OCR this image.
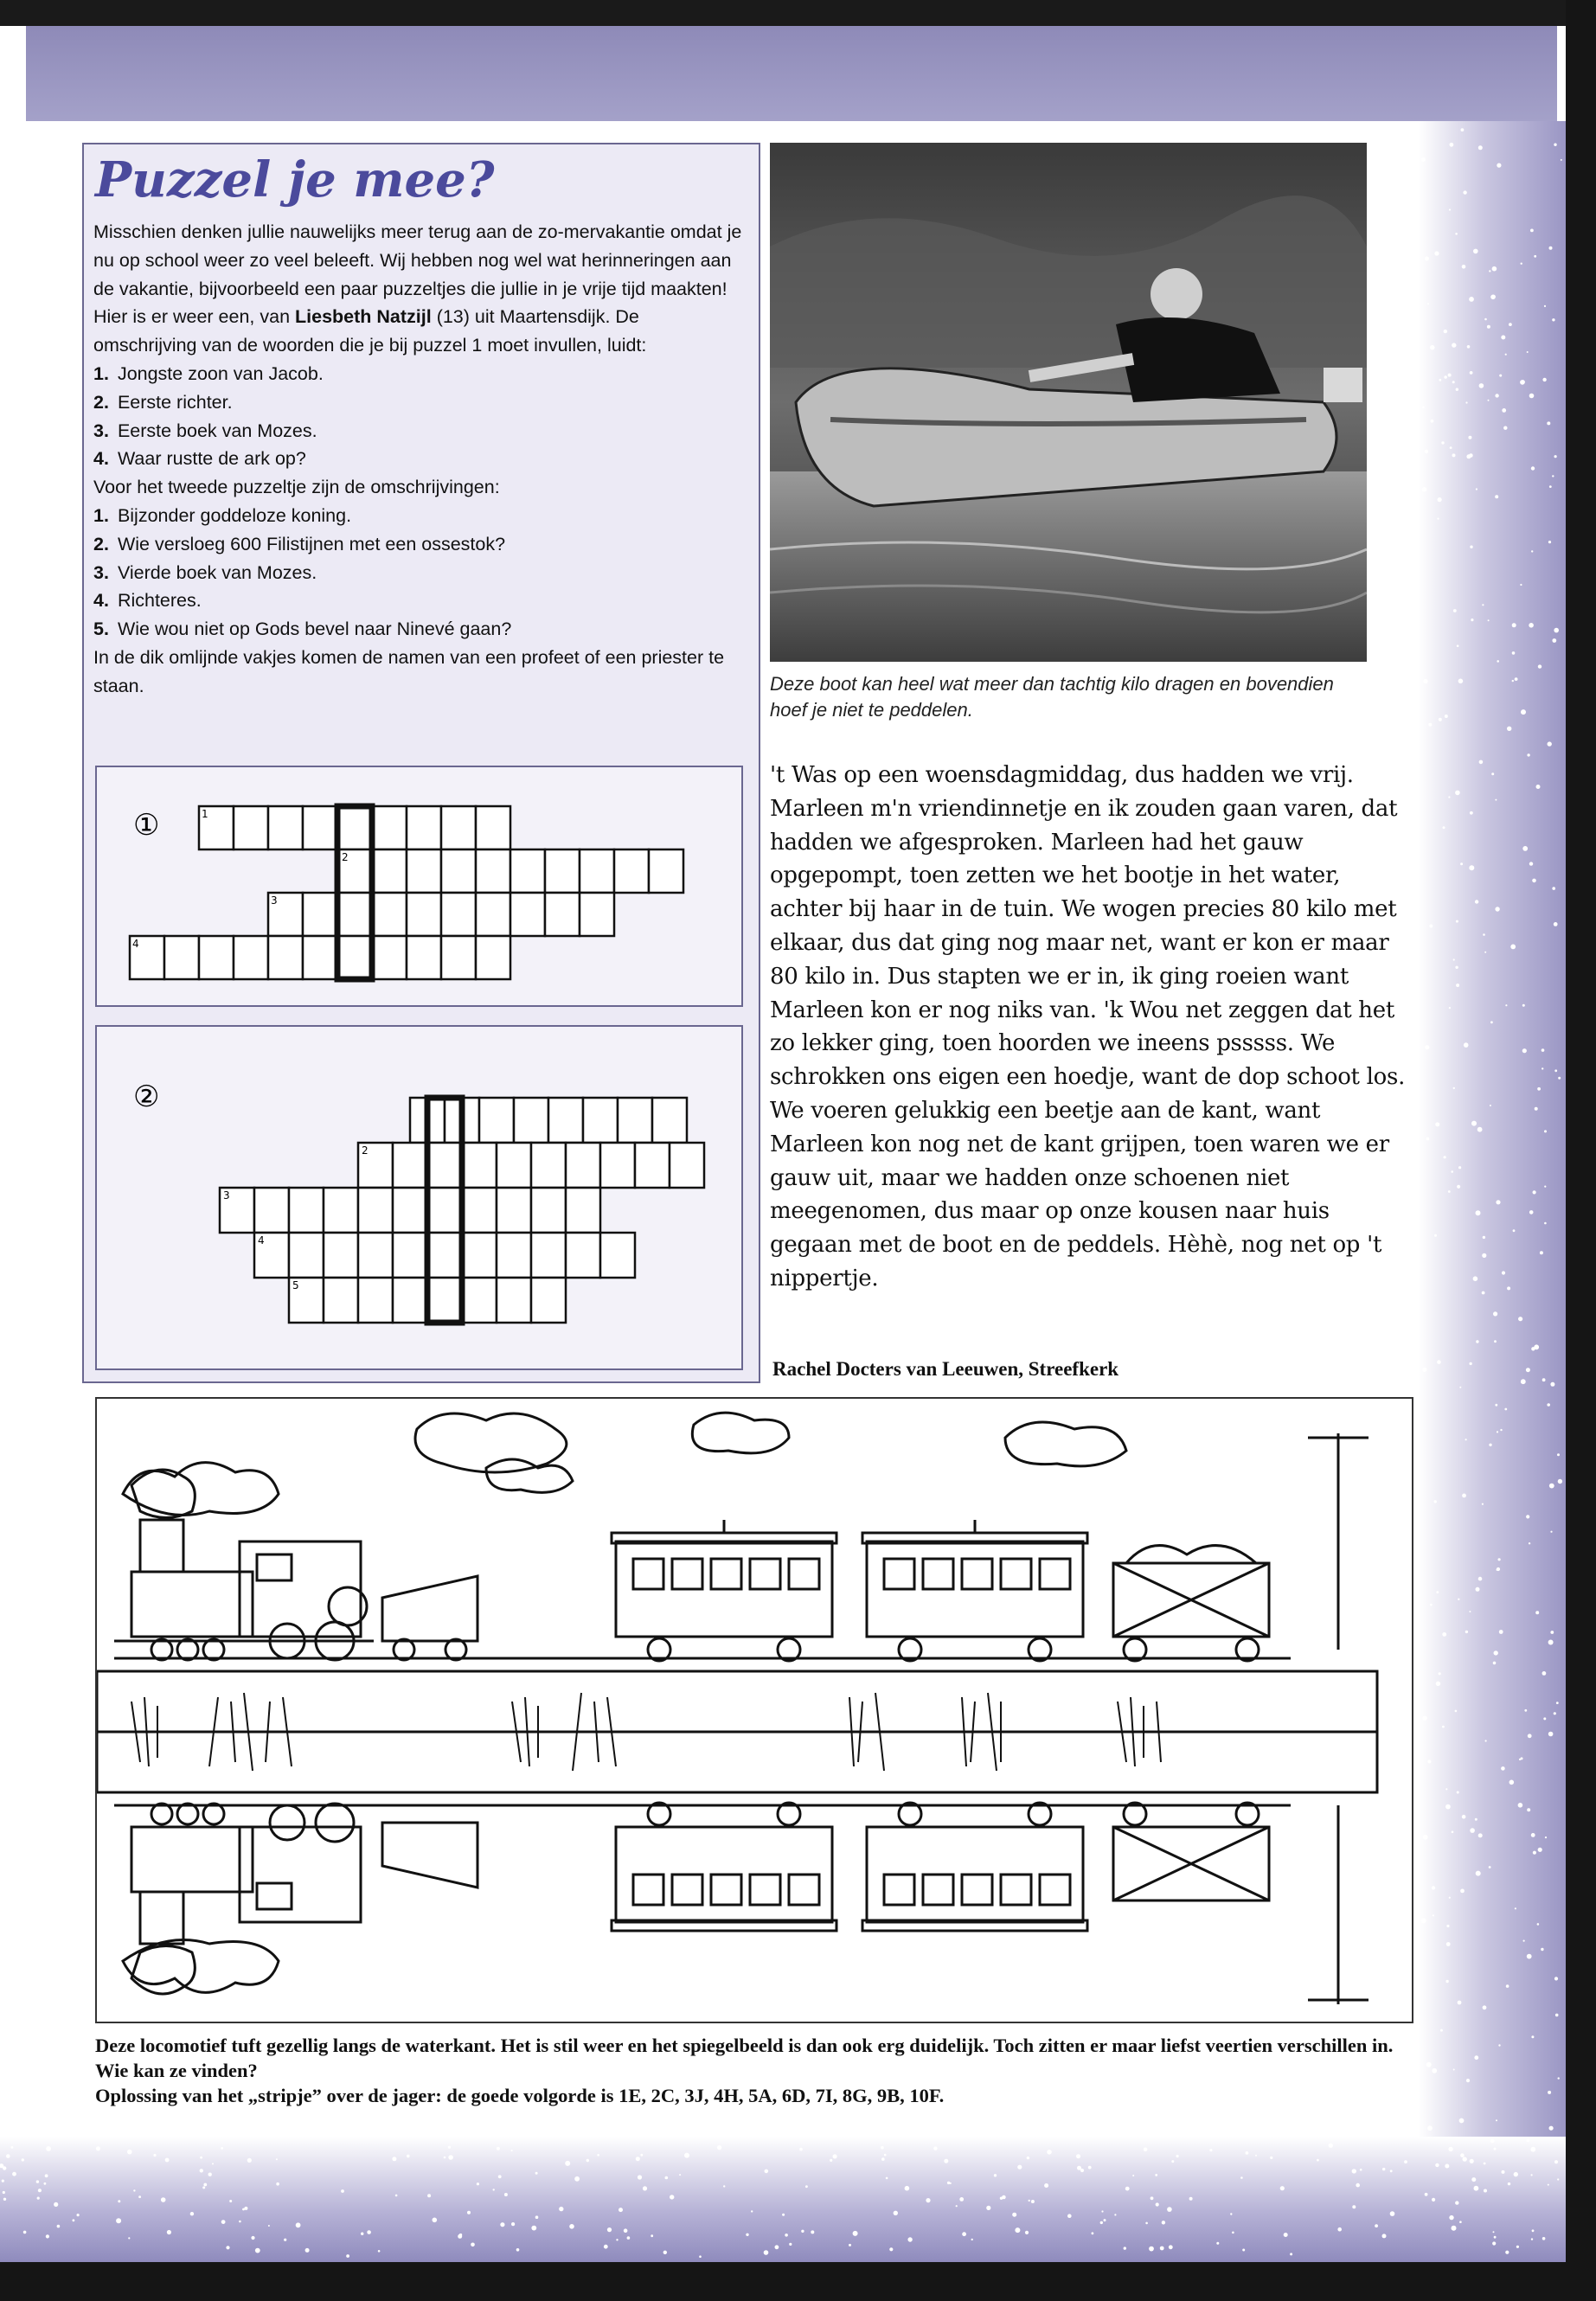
Puzzel je mee?
Misschien denken jullie nauwelijks meer terug aan de zo-mervakantie omdat je nu op school weer zo veel beleeft. Wij hebben nog wel wat herinneringen aan de vakantie, bijvoorbeeld een paar puzzeltjes die jullie in je vrije tijd maakten! Hier is er weer een, van Liesbeth Natzijl (13) uit Maartensdijk. De omschrijving van de woorden die je bij puzzel 1 moet invullen, luidt:
1. Jongste zoon van Jacob.
2. Eerste richter.
3. Eerste boek van Mozes.
4. Waar rustte de ark op?
Voor het tweede puzzeltje zijn de omschrijvingen:
1. Bijzonder goddeloze koning.
2. Wie versloeg 600 Filistijnen met een ossestok?
3. Vierde boek van Mozes.
4. Richteres.
5. Wie wou niet op Gods bevel naar Ninevé gaan?
In de dik omlijnde vakjes komen de namen van een profeet of een priester te staan.
①	1
2
3
4
②
2
3
4
5
Deze boot kan heel wat meer dan tachtig kilo dragen en bovendien hoef je niet te peddelen.
't Was op een woensdagmiddag, dus hadden we vrij. Marleen m'n vriendinnetje en ik zouden gaan varen, dat hadden we afgesproken. Marleen had het gauw opgepompt, toen zetten we het bootje in het water, achter bij haar in de tuin. We wogen precies 80 kilo met elkaar, dus dat ging nog maar net, want er kon er maar 80 kilo in. Dus stapten we er in, ik ging roeien want Marleen kon er nog niks van. 'k Wou net zeggen dat het zo lekker ging, toen hoorden we ineens psssss. We schrokken ons eigen een hoedje, want de dop schoot los. We voeren gelukkig een beetje aan de kant, want Marleen kon nog net de kant grijpen, toen waren we er gauw uit, maar we hadden onze schoenen niet meegenomen, dus maar op onze kousen naar huis gegaan met de boot en de peddels. Hèhè, nog net op 't nippertje.
Rachel Docters van Leeuwen, Streefkerk
Deze locomotief tuft gezellig langs de waterkant. Het is stil weer en het spiegelbeeld is dan ook erg duidelijk. Toch zitten er maar liefst veertien verschillen in. Wie kan ze vinden?
Oplossing van het „stripje” over de jager: de goede volgorde is 1E, 2C, 3J, 4H, 5A, 6D, 7I, 8G, 9B, 10F.
